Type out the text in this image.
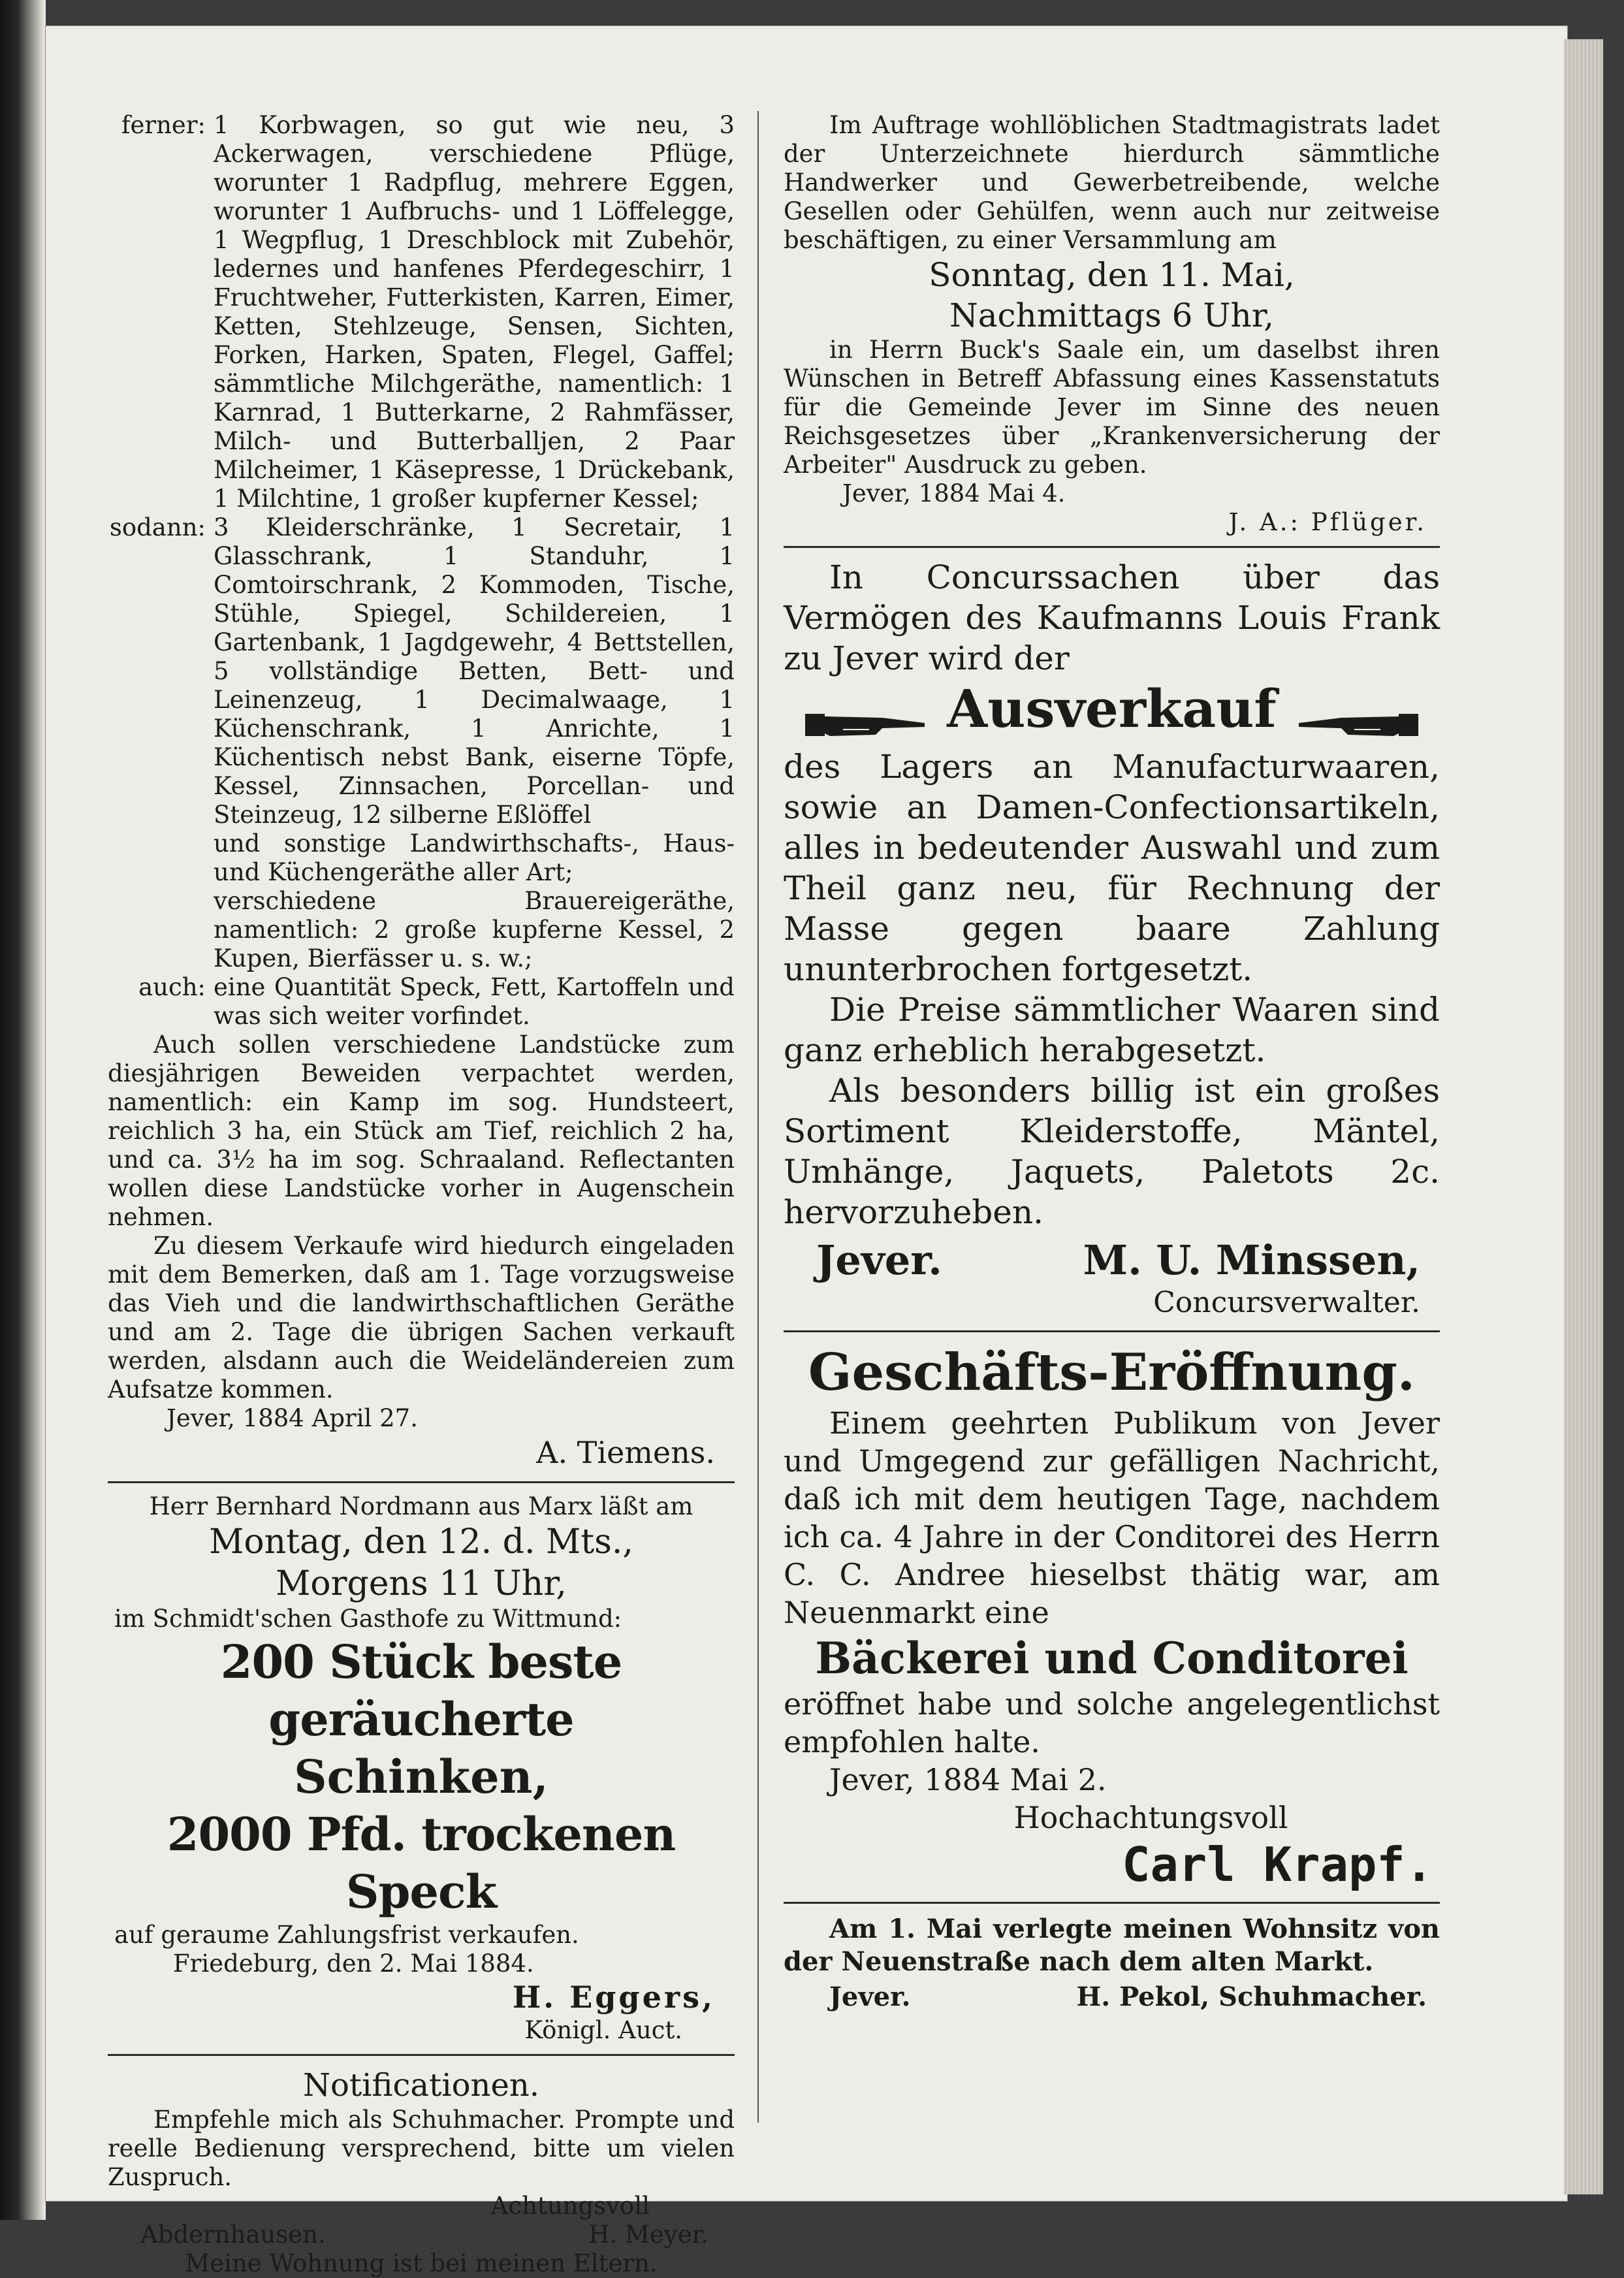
ferner: 1 Korbwagen, so gut wie neu, 3 Ackerwagen, verschiedene Pflüge, worunter 1 Radpflug, mehrere Eggen, worunter 1 Aufbruchs- und 1 Löffelegge, 1 Wegpflug, 1 Dreschblock mit Zubehör, ledernes und hanfenes Pferdegeschirr, 1 Fruchtweher, Futterkisten, Karren, Eimer, Ketten, Stehlzeuge, Sensen, Sichten, Forken, Harken, Spaten, Flegel, Gaffel; sämmtliche Milchgeräthe, namentlich: 1 Karnrad, 1 Butterkarne, 2 Rahmfässer, Milch- und Butterballjen, 2 Paar Milcheimer, 1 Käsepresse, 1 Drückebank, 1 Milchtine, 1 großer kupferner Kessel;

sodann: 3 Kleiderschränke, 1 Secretair, 1 Glasschrank, 1 Standuhr, 1 Comtoirschrank, 2 Kommoden, Tische, Stühle, Spiegel, Schildereien, 1 Gartenbank, 1 Jagdgewehr, 4 Bettstellen, 5 vollständige Betten, Bett- und Leinenzeug, 1 Decimalwaage, 1 Küchenschrank, 1 Anrichte, 1 Küchentisch nebst Bank, eiserne Töpfe, Kessel, Zinnsachen, Porcellan- und Steinzeug, 12 silberne Eßlöffel

und sonstige Landwirthschafts-, Haus- und Küchengeräthe aller Art;

verschiedene Brauereigeräthe, namentlich: 2 große kupferne Kessel, 2 Kupen, Bierfässer u. s. w.;

auch: eine Quantität Speck, Fett, Kartoffeln und was sich weiter vorfindet.

Auch sollen verschiedene Landstücke zum diesjährigen Beweiden verpachtet werden, namentlich: ein Kamp im sog. Hundsteert, reichlich 3 ha, ein Stück am Tief, reichlich 2 ha, und ca. 3½ ha im sog. Schraaland. Reflectanten wollen diese Landstücke vorher in Augenschein nehmen.

Zu diesem Verkaufe wird hiedurch eingeladen mit dem Bemerken, daß am 1. Tage vorzugsweise das Vieh und die landwirthschaftlichen Geräthe und am 2. Tage die übrigen Sachen verkauft werden, alsdann auch die Weideländereien zum Aufsatze kommen.

Jever, 1884 April 27.

A. Tiemens.

Herr Bernhard Nordmann aus Marx läßt am

Montag, den 12. d. Mts.,

Morgens 11 Uhr,

im Schmidt'schen Gasthofe zu Wittmund:

200 Stück beste geräucherte

Schinken,

2000 Pfd. trockenen Speck

auf geraume Zahlungsfrist verkaufen.

Friedeburg, den 2. Mai 1884.

H. Eggers,

Königl. Auct.

Notificationen.

Empfehle mich als Schuhmacher. Prompte und reelle Bedienung versprechend, bitte um vielen Zuspruch.

Achtungsvoll

Abdernhausen.	H. Meyer.

Meine Wohnung ist bei meinen Eltern.

Im Auftrage wohllöblichen Stadtmagistrats ladet der Unterzeichnete hierdurch sämmtliche Handwerker und Gewerbetreibende, welche Gesellen oder Gehülfen, wenn auch nur zeitweise beschäftigen, zu einer Versammlung am

Sonntag, den 11. Mai,

Nachmittags 6 Uhr,

in Herrn Buck's Saale ein, um daselbst ihren Wünschen in Betreff Abfassung eines Kassenstatuts für die Gemeinde Jever im Sinne des neuen Reichsgesetzes über „Krankenversicherung der Arbeiter" Ausdruck zu geben.

Jever, 1884 Mai 4.

J. A.: Pflüger.

In Concurssachen über das Vermögen des Kaufmanns Louis Frank zu Jever wird der

Ausverkauf

des Lagers an Manufacturwaaren, sowie an Damen-Confectionsartikeln, alles in bedeutender Auswahl und zum Theil ganz neu, für Rechnung der Masse gegen baare Zahlung ununterbrochen fortgesetzt.

Die Preise sämmtlicher Waaren sind ganz erheblich herabgesetzt.

Als besonders billig ist ein großes Sortiment Kleiderstoffe, Mäntel, Umhänge, Jaquets, Paletots 2c. hervorzuheben.

Jever.	M. U. Minssen,

Concursverwalter.

Geschäfts-Eröffnung.

Einem geehrten Publikum von Jever und Umgegend zur gefälligen Nachricht, daß ich mit dem heutigen Tage, nachdem ich ca. 4 Jahre in der Conditorei des Herrn C. C. Andree hieselbst thätig war, am Neuenmarkt eine

Bäckerei und Conditorei

eröffnet habe und solche angelegentlichst empfohlen halte.

Jever, 1884 Mai 2.

Hochachtungsvoll

Carl Krapf.

Am 1. Mai verlegte meinen Wohnsitz von der Neuenstraße nach dem alten Markt.

Jever.	H. Pekol, Schuhmacher.
